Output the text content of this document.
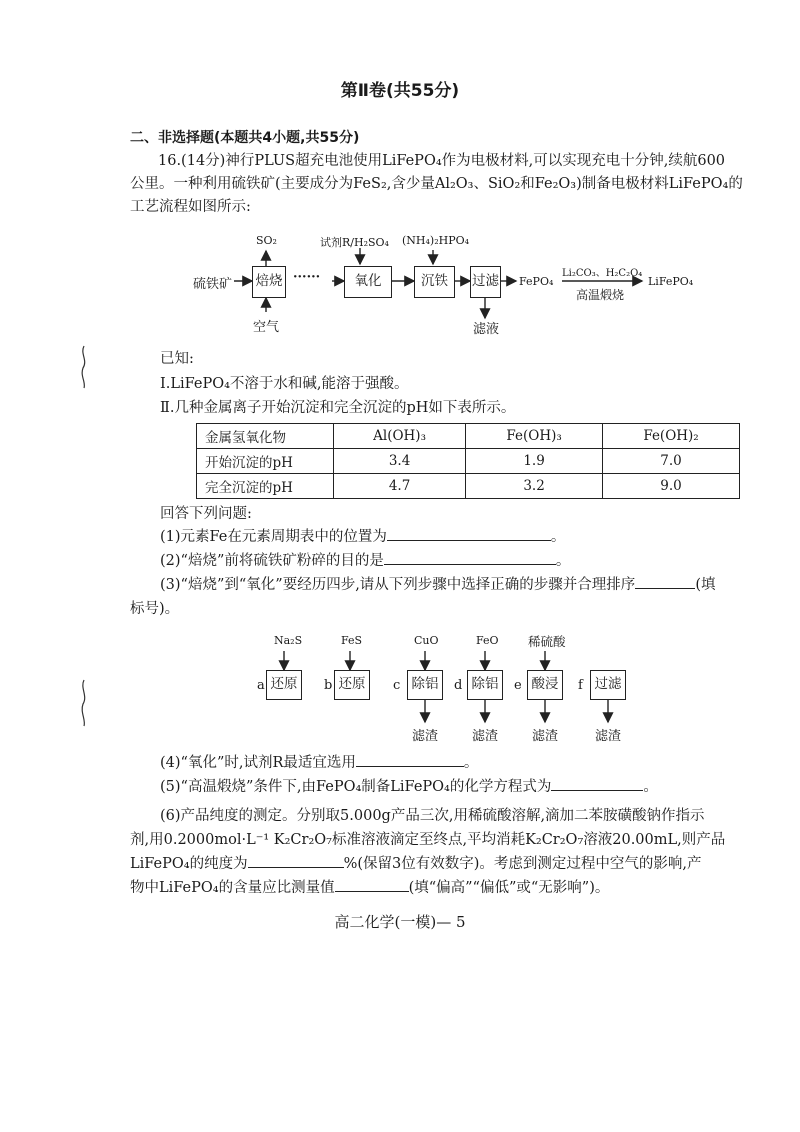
第Ⅱ卷(共55分)
二、非选择题(本题共4小题,共55分)
16.(14分)神行PLUS超充电池使用LiFePO₄作为电极材料,可以实现充电十分钟,续航600
公里。一种利用硫铁矿(主要成分为FeS₂,含少量Al₂O₃、SiO₂和Fe₂O₃)制备电极材料LiFePO₄的
工艺流程如图所示:
硫铁矿 焙烧 ······	氧化	沉铁	过滤
SO₂
空气
试剂R/H₂SO₄ (NH₄)₂HPO₄
滤液
FePO₄
Li₂CO₃、H₂C₂O₄
高温煅烧
LiFePO₄
已知:
Ⅰ.LiFePO₄不溶于水和碱,能溶于强酸。
Ⅱ.几种金属离子开始沉淀和完全沉淀的pH如下表所示。
金属氢氧化物	Al(OH)₃	Fe(OH)₃	Fe(OH)₂
开始沉淀的pH	3.4	1.9	7.0
完全沉淀的pH	4.7	3.2	9.0
回答下列问题:
(1)元素Fe在元素周期表中的位置为	。
(2)“焙烧”前将硫铁矿粉碎的目的是	。
(3)“焙烧”到“氧化”要经历四步,请从下列步骤中选择正确的步骤并合理排序	(填
标号)。
Na₂S	FeS	CuO	FeO 稀硫酸
a 还原	b 还原	c 除铝	d 除铝	e 酸浸	f 过滤
滤渣	滤渣	滤渣	滤渣
(4)“氧化”时,试剂R最适宜选用	。
(5)“高温煅烧”条件下,由FePO₄制备LiFePO₄的化学方程式为	。
(6)产品纯度的测定。分别取5.000g产品三次,用稀硫酸溶解,滴加二苯胺磺酸钠作指示
剂,用0.2000mol·L⁻¹ K₂Cr₂O₇标准溶液滴定至终点,平均消耗K₂Cr₂O₇溶液20.00mL,则产品
LiFePO₄的纯度为	%(保留3位有效数字)。考虑到测定过程中空气的影响,产
物中LiFePO₄的含量应比测量值	(填“偏高”“偏低”或“无影响”)。
高二化学(一模)— 5
